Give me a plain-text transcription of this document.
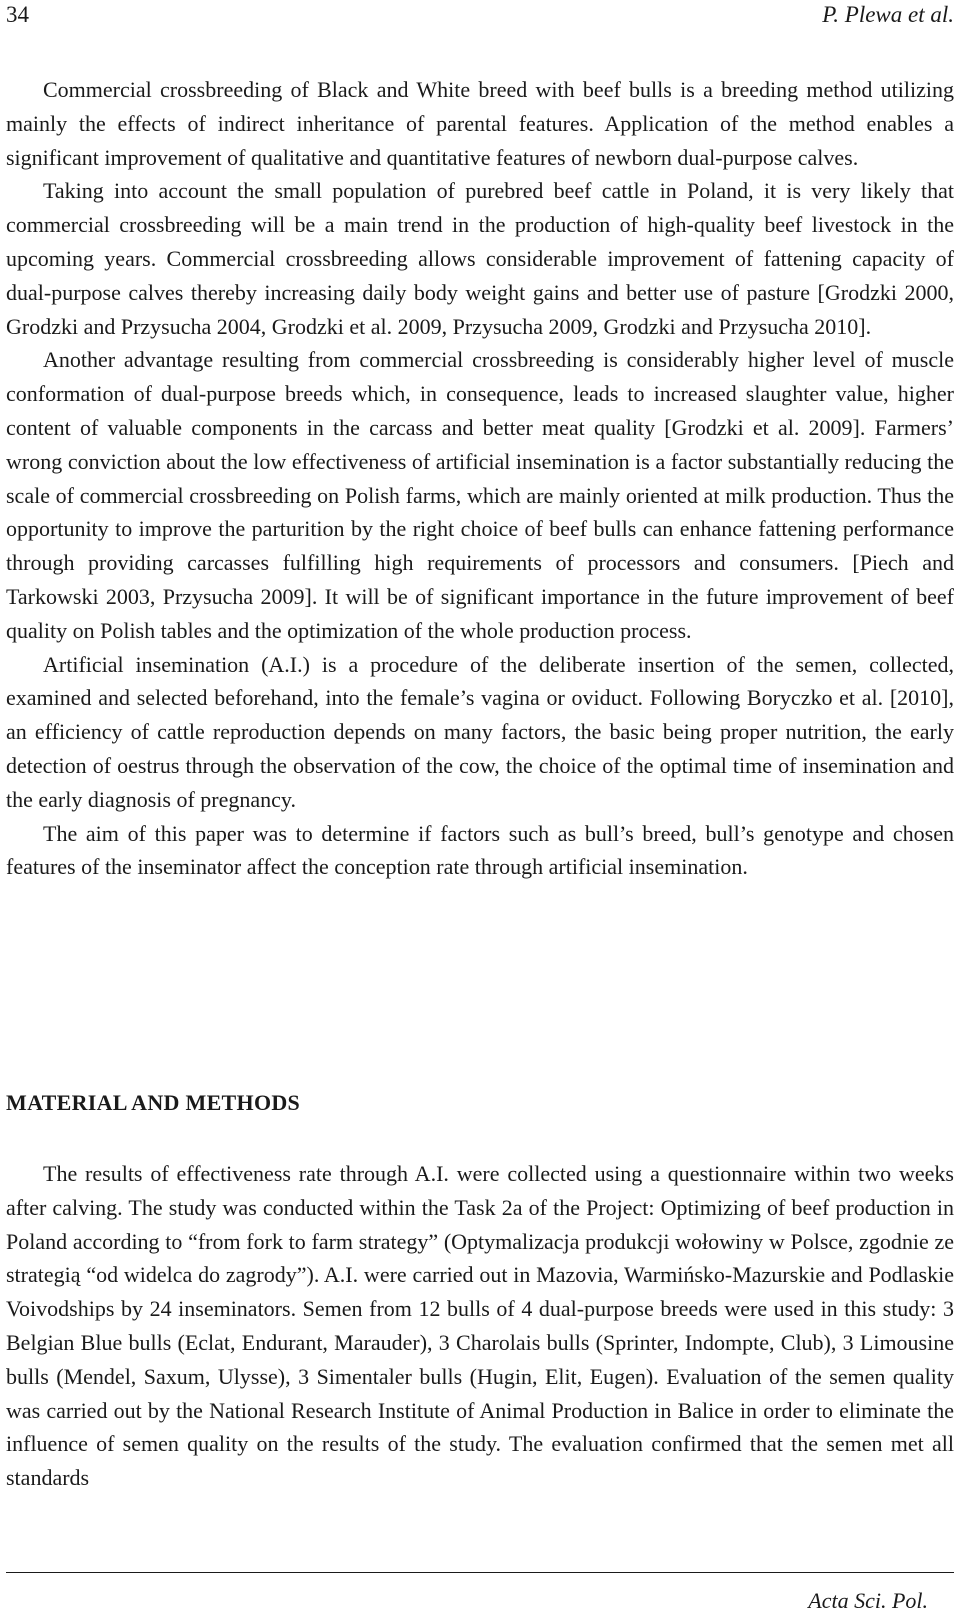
34	P. Plewa et al.

Commercial crossbreeding of Black and White breed with beef bulls is a breeding method utilizing mainly the effects of indirect inheritance of parental features. Application of the method enables a significant improvement of qualitative and quantitative features of newborn dual-purpose calves.

Taking into account the small population of purebred beef cattle in Poland, it is very likely that commercial crossbreeding will be a main trend in the production of high-quality beef livestock in the upcoming years. Commercial crossbreeding allows considerable improvement of fattening capacity of dual-purpose calves thereby increasing daily body weight gains and better use of pasture [Grodzki 2000, Grodzki and Przysucha 2004, Grodzki et al. 2009, Przysucha 2009, Grodzki and Przysucha 2010].

Another advantage resulting from commercial crossbreeding is considerably higher level of muscle conformation of dual-purpose breeds which, in consequence, leads to increased slaughter value, higher content of valuable components in the carcass and better meat quality [Grodzki et al. 2009]. Farmers’ wrong conviction about the low effectiveness of artificial insemination is a factor substantially reducing the scale of commercial crossbreeding on Polish farms, which are mainly oriented at milk production. Thus the opportunity to improve the parturition by the right choice of beef bulls can enhance fattening performance through providing carcasses fulfilling high requirements of processors and consumers. [Piech and Tarkowski 2003, Przysucha 2009]. It will be of significant importance in the future improvement of beef quality on Polish tables and the optimization of the whole production process.

Artificial insemination (A.I.) is a procedure of the deliberate insertion of the semen, collected, examined and selected beforehand, into the female’s vagina or oviduct. Following Boryczko et al. [2010], an efficiency of cattle reproduction depends on many factors, the basic being proper nutrition, the early detection of oestrus through the observation of the cow, the choice of the optimal time of insemination and the early diagnosis of pregnancy.

The aim of this paper was to determine if factors such as bull’s breed, bull’s genotype and chosen features of the inseminator affect the conception rate through artificial insemination.

MATERIAL AND METHODS

The results of effectiveness rate through A.I. were collected using a questionnaire within two weeks after calving. The study was conducted within the Task 2a of the Project: Optimizing of beef production in Poland according to “from fork to farm strategy” (Optymalizacja produkcji wołowiny w Polsce, zgodnie ze strategią “od widelca do zagrody”). A.I. were carried out in Mazovia, Warmińsko-Mazurskie and Podlaskie Voivodships by 24 inseminators. Semen from 12 bulls of 4 dual-purpose breeds were used in this study: 3 Belgian Blue bulls (Eclat, Endurant, Marauder), 3 Charolais bulls (Sprinter, Indompte, Club), 3 Limousine bulls (Mendel, Saxum, Ulysse), 3 Simentaler bulls (Hugin, Elit, Eugen). Evaluation of the semen quality was carried out by the National Research Institute of Animal Production in Balice in order to eliminate the influence of semen quality on the results of the study. The evaluation confirmed that the semen met all standards

Acta Sci. Pol.
